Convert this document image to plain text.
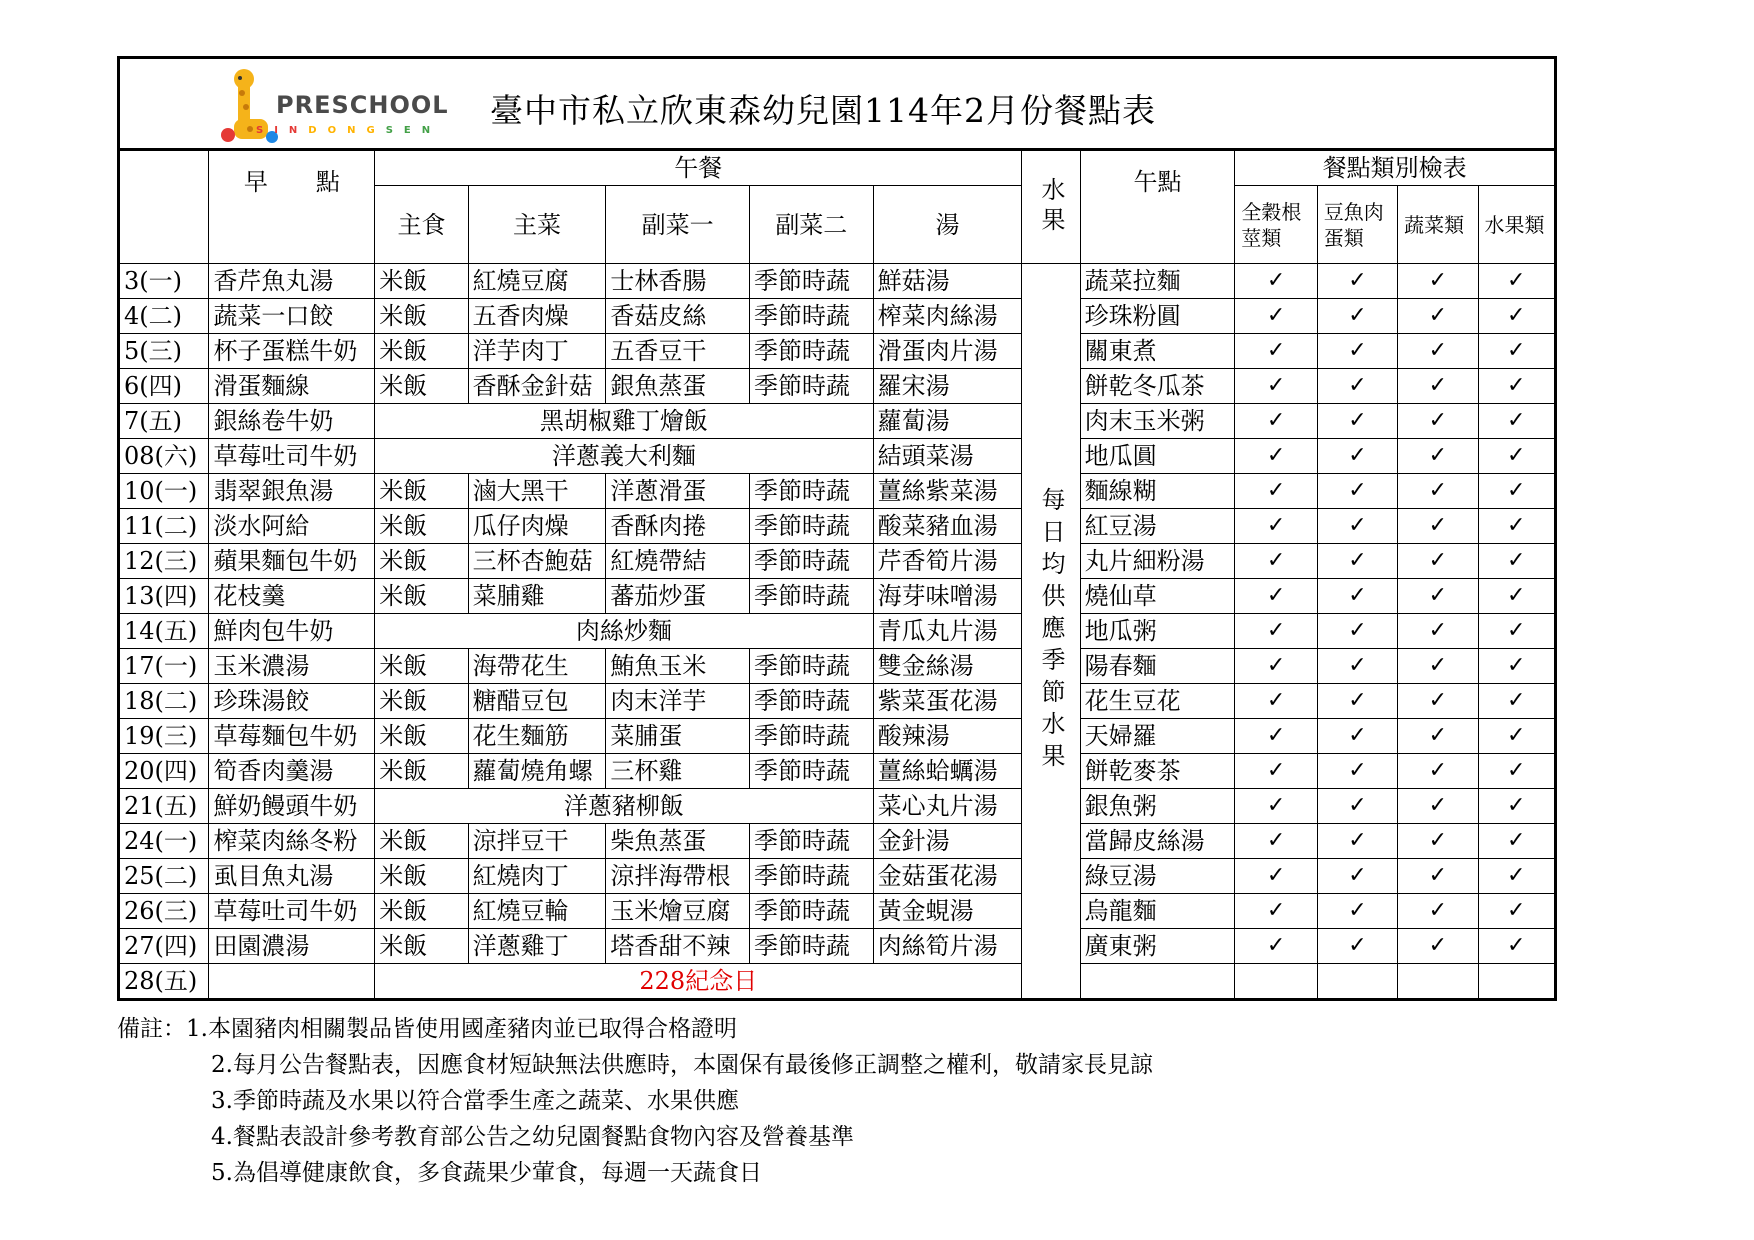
PRESCHOOL
SINDONGSEN
臺中市私立欣東森幼兒園114年2月份餐點表
	早　　點	午餐					水果	午點	餐點類別檢表			
		主食	主菜	副菜一	副菜二	湯			全穀根莖類	豆魚肉蛋類	蔬菜類	水果類
3(一)	香芹魚丸湯	米飯	紅燒豆腐	士林香腸	季節時蔬	鮮菇湯	每日均供應季節水果	蔬菜拉麵	✓	✓	✓	✓
4(二)	蔬菜一口餃	米飯	五香肉燥	香菇皮絲	季節時蔬	榨菜肉絲湯		珍珠粉圓	✓	✓	✓	✓
5(三)	杯子蛋糕牛奶	米飯	洋芋肉丁	五香豆干	季節時蔬	滑蛋肉片湯		關東煮	✓	✓	✓	✓
6(四)	滑蛋麵線	米飯	香酥金針菇	銀魚蒸蛋	季節時蔬	羅宋湯		餅乾冬瓜茶	✓	✓	✓	✓
7(五)	銀絲卷牛奶	黑胡椒雞丁燴飯				蘿蔔湯		肉末玉米粥	✓	✓	✓	✓
08(六)	草莓吐司牛奶	洋蔥義大利麵				結頭菜湯		地瓜圓	✓	✓	✓	✓
10(一)	翡翠銀魚湯	米飯	滷大黑干	洋蔥滑蛋	季節時蔬	薑絲紫菜湯		麵線糊	✓	✓	✓	✓
11(二)	淡水阿給	米飯	瓜仔肉燥	香酥肉捲	季節時蔬	酸菜豬血湯		紅豆湯	✓	✓	✓	✓
12(三)	蘋果麵包牛奶	米飯	三杯杏鮑菇	紅燒帶結	季節時蔬	芹香筍片湯		丸片細粉湯	✓	✓	✓	✓
13(四)	花枝羹	米飯	菜脯雞	蕃茄炒蛋	季節時蔬	海芽味噌湯		燒仙草	✓	✓	✓	✓
14(五)	鮮肉包牛奶	肉絲炒麵				青瓜丸片湯		地瓜粥	✓	✓	✓	✓
17(一)	玉米濃湯	米飯	海帶花生	鮪魚玉米	季節時蔬	雙金絲湯		陽春麵	✓	✓	✓	✓
18(二)	珍珠湯餃	米飯	糖醋豆包	肉末洋芋	季節時蔬	紫菜蛋花湯		花生豆花	✓	✓	✓	✓
19(三)	草莓麵包牛奶	米飯	花生麵筋	菜脯蛋	季節時蔬	酸辣湯		天婦羅	✓	✓	✓	✓
20(四)	筍香肉羹湯	米飯	蘿蔔燒角螺	三杯雞	季節時蔬	薑絲蛤蠣湯		餅乾麥茶	✓	✓	✓	✓
21(五)	鮮奶饅頭牛奶	洋蔥豬柳飯				菜心丸片湯		銀魚粥	✓	✓	✓	✓
24(一)	榨菜肉絲冬粉	米飯	涼拌豆干	柴魚蒸蛋	季節時蔬	金針湯		當歸皮絲湯	✓	✓	✓	✓
25(二)	虱目魚丸湯	米飯	紅燒肉丁	涼拌海帶根	季節時蔬	金菇蛋花湯		綠豆湯	✓	✓	✓	✓
26(三)	草莓吐司牛奶	米飯	紅燒豆輪	玉米燴豆腐	季節時蔬	黃金蜆湯		烏龍麵	✓	✓	✓	✓
27(四)	田園濃湯	米飯	洋蔥雞丁	塔香甜不辣	季節時蔬	肉絲筍片湯		廣東粥	✓	✓	✓	✓
28(五)		228紀念日										
備註：1.本園豬肉相關製品皆使用國產豬肉並已取得合格證明
2.每月公告餐點表，因應食材短缺無法供應時，本園保有最後修正調整之權利，敬請家長見諒
3.季節時蔬及水果以符合當季生產之蔬菜、水果供應
4.餐點表設計參考教育部公告之幼兒園餐點食物內容及營養基準
5.為倡導健康飲食，多食蔬果少葷食，每週一天蔬食日
